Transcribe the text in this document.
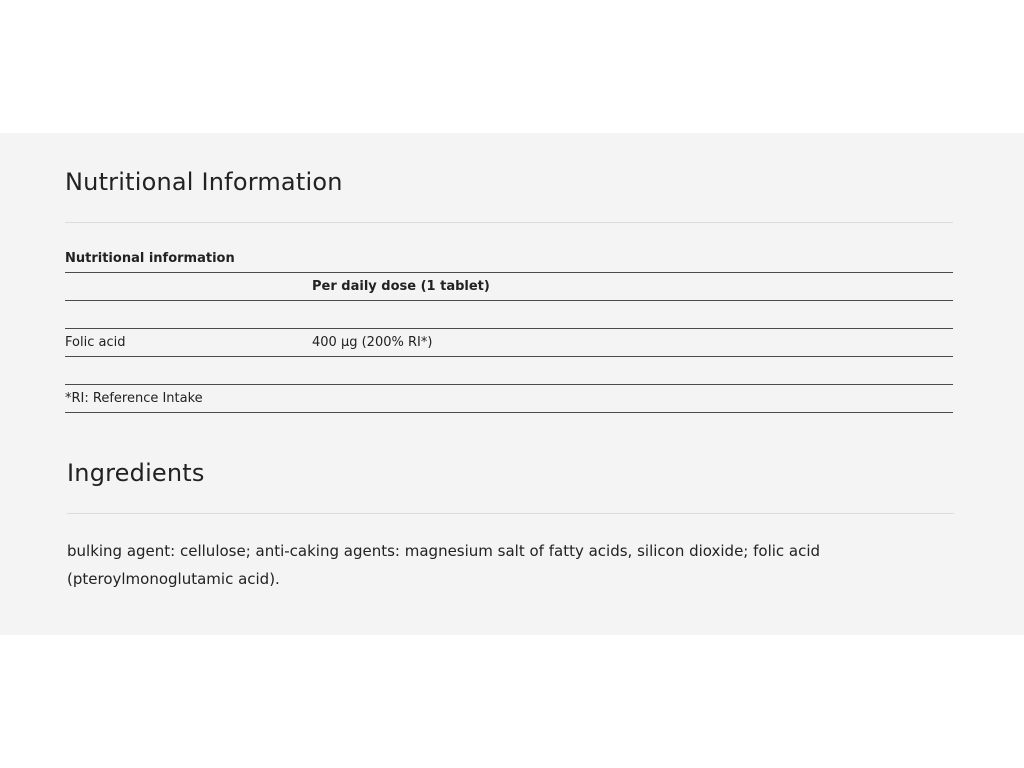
Nutritional Information
Nutritional information
Per daily dose (1 tablet)
Folic acid	400 µg (200% RI*)
*RI: Reference Intake
Ingredients

bulking agent: cellulose; anti-caking agents: magnesium salt of fatty acids, silicon dioxide; folic acid (pteroylmonoglutamic acid).
